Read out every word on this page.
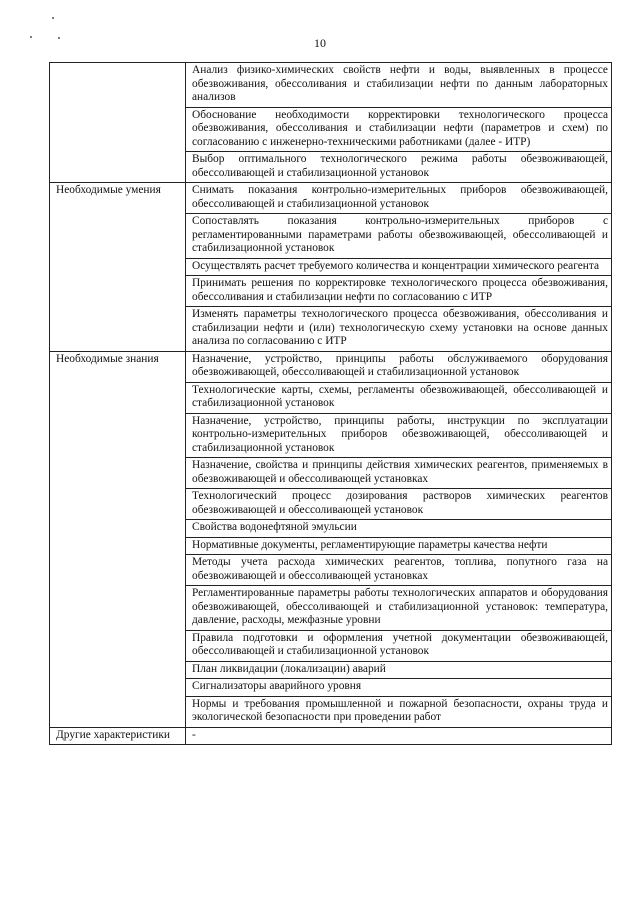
10
	Анализ физико-химических свойств нефти и воды, выявленных в процессе обезвоживания, обессоливания и стабилизации нефти по данным лабораторных анализов
	Обоснование необходимости корректировки технологического процесса обезвоживания, обессоливания и стабилизации нефти (параметров и схем) по согласованию с инженерно-техническими работниками (далее - ИТР)
	Выбор оптимального технологического режима работы обезвоживающей, обессоливающей и стабилизационной установок
Необходимые умения	Снимать показания контрольно-измерительных приборов обезвоживающей, обессоливающей и стабилизационной установок
	Сопоставлять показания контрольно-измерительных приборов с регламентированными параметрами работы обезвоживающей, обессоливающей и стабилизационной установок
	Осуществлять расчет требуемого количества и концентрации химического реагента
	Принимать решения по корректировке технологического процесса обезвоживания, обессоливания и стабилизации нефти по согласованию с ИТР
	Изменять параметры технологического процесса обезвоживания, обессоливания и стабилизации нефти и (или) технологическую схему установки на основе данных анализа по согласованию с ИТР
Необходимые знания	Назначение, устройство, принципы работы обслуживаемого оборудования обезвоживающей, обессоливающей и стабилизационной установок
	Технологические карты, схемы, регламенты обезвоживающей, обессоливающей и стабилизационной установок
	Назначение, устройство, принципы работы, инструкции по эксплуатации контрольно-измерительных приборов обезвоживающей, обессоливающей и стабилизационной установок
	Назначение, свойства и принципы действия химических реагентов, применяемых в обезвоживающей и обессоливающей установках
	Технологический процесс дозирования растворов химических реагентов обезвоживающей и обессоливающей установок
	Свойства водонефтяной эмульсии
	Нормативные документы, регламентирующие параметры качества нефти
	Методы учета расхода химических реагентов, топлива, попутного газа на обезвоживающей и обессоливающей установках
	Регламентированные параметры работы технологических аппаратов и оборудования обезвоживающей, обессоливающей и стабилизационной установок: температура, давление, расходы, межфазные уровни
	Правила подготовки и оформления учетной документации обезвоживающей, обессоливающей и стабилизационной установок
	План ликвидации (локализации) аварий
	Сигнализаторы аварийного уровня
	Нормы и требования промышленной и пожарной безопасности, охраны труда и экологической безопасности при проведении работ
Другие характеристики	-
